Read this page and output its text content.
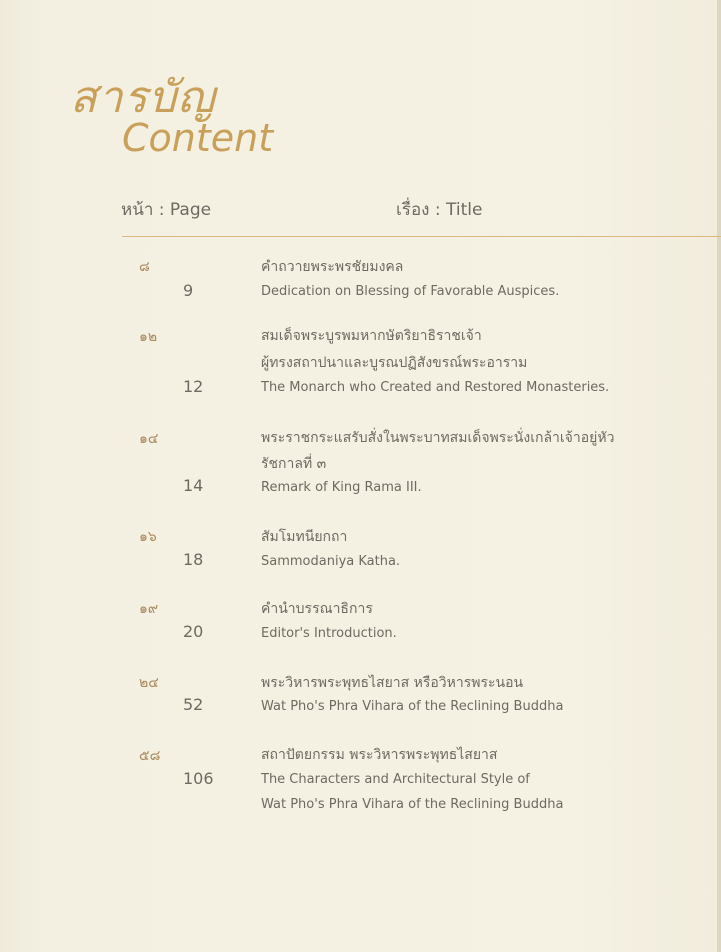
สารบัญ
Content
หน้า : Page	เรื่อง : Title
๘	คำถวายพระพรชัยมงคล
9	Dedication on Blessing of Favorable Auspices.
๑๒	สมเด็จพระบูรพมหากษัตริยาธิราชเจ้า
ผู้ทรงสถาปนาและบูรณปฏิสังขรณ์พระอาราม
12	The Monarch who Created and Restored Monasteries.
๑๔	พระราชกระแสรับสั่งในพระบาทสมเด็จพระนั่งเกล้าเจ้าอยู่หัว
รัชกาลที่ ๓
14	Remark of King Rama III.
๑๖	สัมโมทนียกถา
18	Sammodaniya Katha.
๑๙	คำนำบรรณาธิการ
20	Editor's Introduction.
๒๔	พระวิหารพระพุทธไสยาส หรือวิหารพระนอน
52	Wat Pho's Phra Vihara of the Reclining Buddha
๕๘	สถาปัตยกรรม พระวิหารพระพุทธไสยาส
106	The Characters and Architectural Style of
Wat Pho's Phra Vihara of the Reclining Buddha
